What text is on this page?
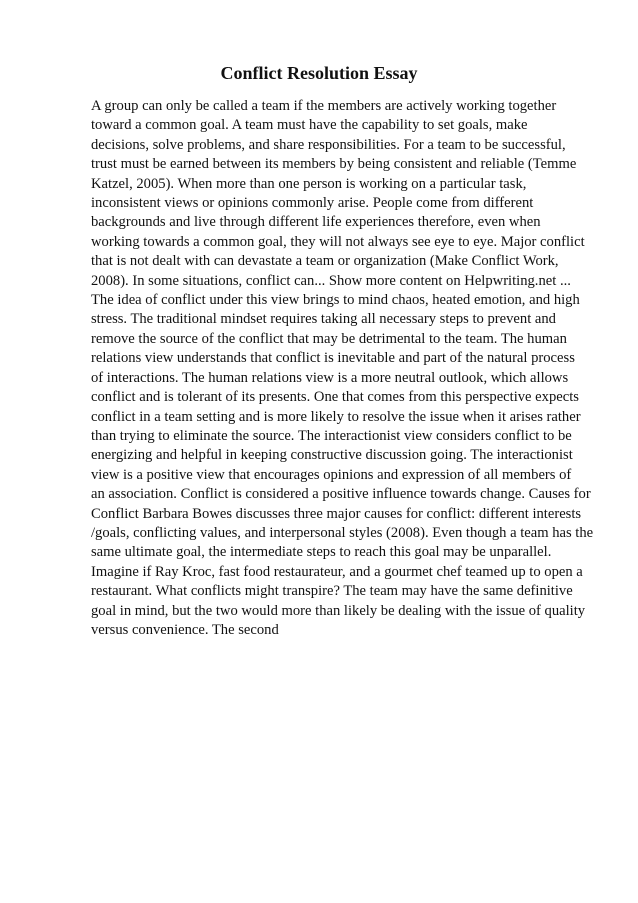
Conflict Resolution Essay
A group can only be called a team if the members are actively working together
toward a common goal. A team must have the capability to set goals, make
decisions, solve problems, and share responsibilities. For a team to be successful,
trust must be earned between its members by being consistent and reliable (Temme
Katzel, 2005). When more than one person is working on a particular task,
inconsistent views or opinions commonly arise. People come from different
backgrounds and live through different life experiences therefore, even when
working towards a common goal, they will not always see eye to eye. Major conflict
that is not dealt with can devastate a team or organization (Make Conflict Work,
2008). In some situations, conflict can... Show more content on Helpwriting.net ...
The idea of conflict under this view brings to mind chaos, heated emotion, and high
stress. The traditional mindset requires taking all necessary steps to prevent and
remove the source of the conflict that may be detrimental to the team. The human
relations view understands that conflict is inevitable and part of the natural process
of interactions. The human relations view is a more neutral outlook, which allows
conflict and is tolerant of its presents. One that comes from this perspective expects
conflict in a team setting and is more likely to resolve the issue when it arises rather
than trying to eliminate the source. The interactionist view considers conflict to be
energizing and helpful in keeping constructive discussion going. The interactionist
view is a positive view that encourages opinions and expression of all members of
an association. Conflict is considered a positive influence towards change. Causes for
Conflict Barbara Bowes discusses three major causes for conflict: different interests
/goals, conflicting values, and interpersonal styles (2008). Even though a team has the
same ultimate goal, the intermediate steps to reach this goal may be unparallel.
Imagine if Ray Kroc, fast food restaurateur, and a gourmet chef teamed up to open a
restaurant. What conflicts might transpire? The team may have the same definitive
goal in mind, but the two would more than likely be dealing with the issue of quality
versus convenience. The second
